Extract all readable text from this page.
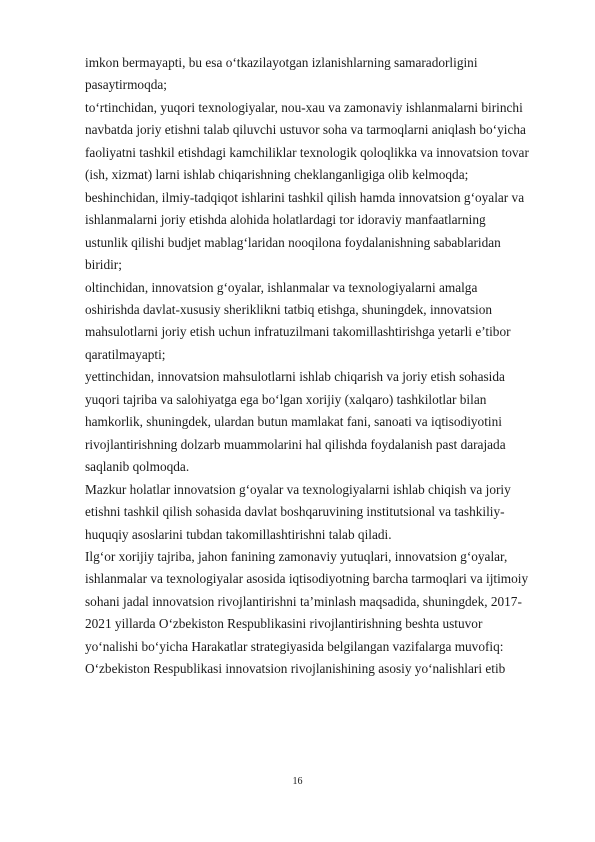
imkon bermayapti, bu esa o‘tkazilayotgan izlanishlarning samaradorligini
pasaytirmoqda;
to‘rtinchidan, yuqori texnologiyalar, nou-xau va zamonaviy ishlanmalarni birinchi
navbatda joriy etishni talab qiluvchi ustuvor soha va tarmoqlarni aniqlash bo‘yicha
faoliyatni tashkil etishdagi kamchiliklar texnologik qoloqlikka va innovatsion tovar
(ish, xizmat) larni ishlab chiqarishning cheklanganligiga olib kelmoqda;
beshinchidan, ilmiy-tadqiqot ishlarini tashkil qilish hamda innovatsion g‘oyalar va
ishlanmalarni joriy etishda alohida holatlardagi tor idoraviy manfaatlarning
ustunlik qilishi budjet mablag‘laridan nooqilona foydalanishning sabablaridan
biridir;
oltinchidan, innovatsion g‘oyalar, ishlanmalar va texnologiyalarni amalga
oshirishda davlat-xususiy sheriklikni tatbiq etishga, shuningdek, innovatsion
mahsulotlarni joriy etish uchun infratuzilmani takomillashtirishga yetarli e’tibor
qaratilmayapti;
yettinchidan, innovatsion mahsulotlarni ishlab chiqarish va joriy etish sohasida
yuqori tajriba va salohiyatga ega bo‘lgan xorijiy (xalqaro) tashkilotlar bilan
hamkorlik, shuningdek, ulardan butun mamlakat fani, sanoati va iqtisodiyotini
rivojlantirishning dolzarb muammolarini hal qilishda foydalanish past darajada
saqlanib qolmoqda.
Mazkur holatlar innovatsion g‘oyalar va texnologiyalarni ishlab chiqish va joriy
etishni tashkil qilish sohasida davlat boshqaruvining institutsional va tashkiliy-
huquqiy asoslarini tubdan takomillashtirishni talab qiladi.
Ilg‘or xorijiy tajriba, jahon fanining zamonaviy yutuqlari, innovatsion g‘oyalar,
ishlanmalar va texnologiyalar asosida iqtisodiyotning barcha tarmoqlari va ijtimoiy
sohani jadal innovatsion rivojlantirishni ta’minlash maqsadida, shuningdek, 2017-
2021 yillarda O‘zbekiston Respublikasini rivojlantirishning beshta ustuvor
yo‘nalishi bo‘yicha Harakatlar strategiyasida belgilangan vazifalarga muvofiq:
O‘zbekiston Respublikasi innovatsion rivojlanishining asosiy yo‘nalishlari etib
16
